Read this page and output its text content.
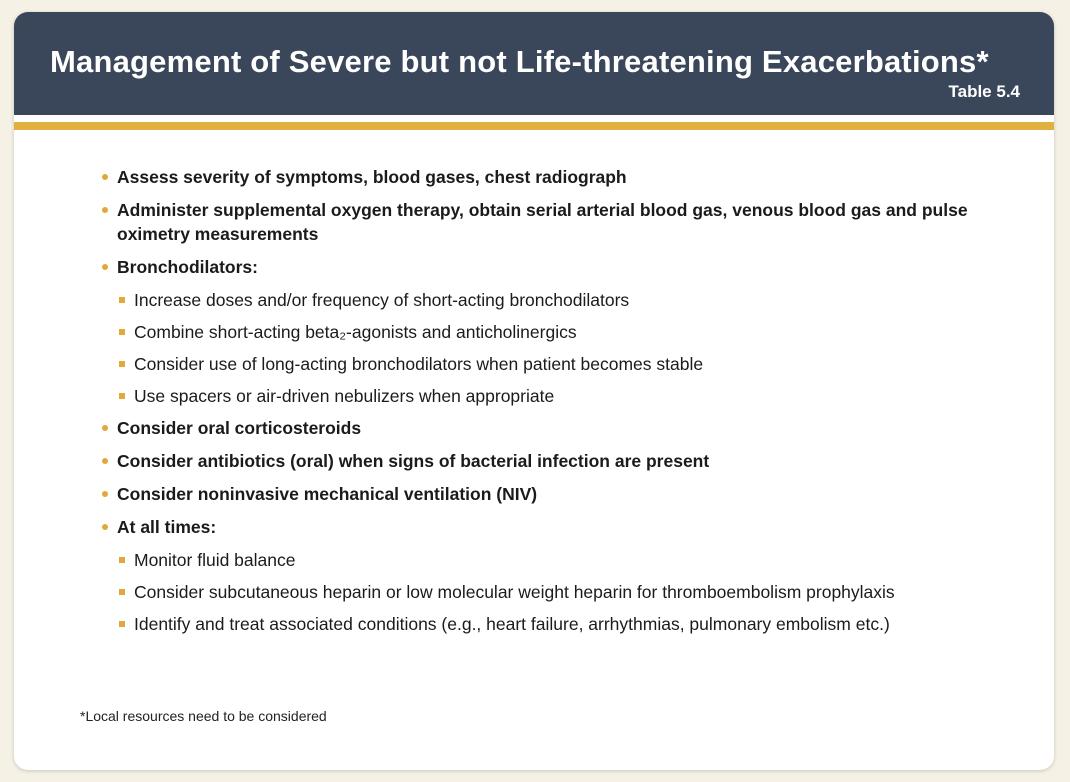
Management of Severe but not Life-threatening Exacerbations*
Table 5.4
Assess severity of symptoms, blood gases, chest radiograph
Administer supplemental oxygen therapy, obtain serial arterial blood gas, venous blood gas and pulse oximetry measurements
Bronchodilators:
Increase doses and/or frequency of short-acting bronchodilators
Combine short-acting beta₂-agonists and anticholinergics
Consider use of long-acting bronchodilators when patient becomes stable
Use spacers or air-driven nebulizers when appropriate
Consider oral corticosteroids
Consider antibiotics (oral) when signs of bacterial infection are present
Consider noninvasive mechanical ventilation (NIV)
At all times:
Monitor fluid balance
Consider subcutaneous heparin or low molecular weight heparin for thromboembolism prophylaxis
Identify and treat associated conditions (e.g., heart failure, arrhythmias, pulmonary embolism etc.)

*Local resources need to be considered
